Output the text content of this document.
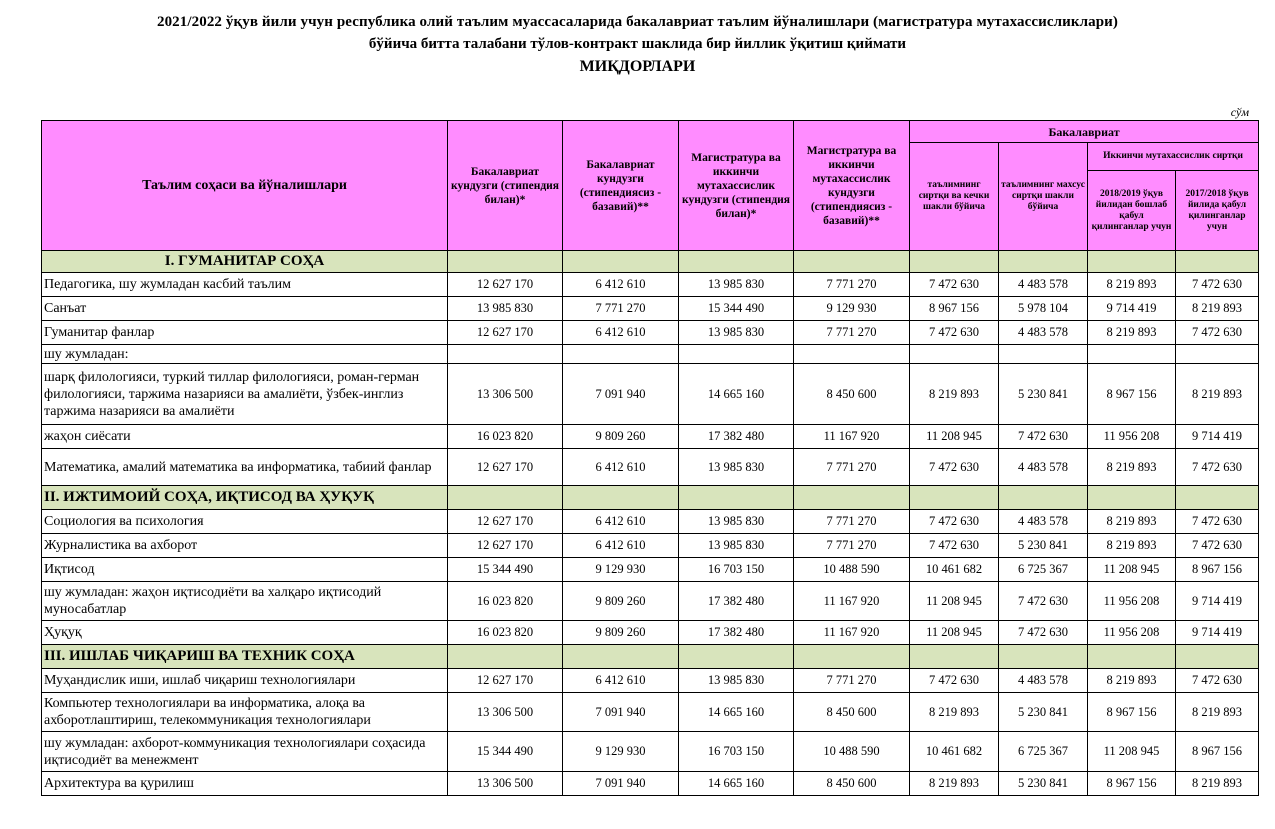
2021/2022 ўқув йили учун республика олий таълим муассасаларида бакалавриат таълим йўналишлари (магистратура мутахассисликлари)
бўйича битта талабани тўлов-контракт шаклида бир йиллик ўқитиш қиймати
МИҚДОРЛАРИ
сўм
Таълим соҳаси ва йўналишлари	Бакалавриат кундузги (стипендия билан)*	Бакалавриат кундузги (стипендиясиз - базавий)**	Магистратура ва иккинчи мутахассислик кундузги (стипендия билан)*	Магистратура ва иккинчи мутахассислик кундузги (стипендиясиз - базавий)**	Бакалавриат			
					таълимнинг сиртқи ва кечки шакли бўйича	таълимнинг махсус сиртқи шакли бўйича	Иккинчи мутахассислик сиртқи	
							2018/2019 ўқув йилидан бошлаб қабул қилинганлар учун	2017/2018 ўқув йилида қабул қилинганлар учун

I. ГУМАНИТАР СОҲА								
Педагогика, шу жумладан касбий таълим	12 627 170	6 412 610	13 985 830	7 771 270	7 472 630	4 483 578	8 219 893	7 472 630
Санъат	13 985 830	7 771 270	15 344 490	9 129 930	8 967 156	5 978 104	9 714 419	8 219 893
Гуманитар фанлар	12 627 170	6 412 610	13 985 830	7 771 270	7 472 630	4 483 578	8 219 893	7 472 630
шу жумладан:								
шарқ филологияси, туркий тиллар филологияси, роман-герман филологияси, таржима назарияси ва амалиёти, ўзбек-инглиз таржима назарияси ва амалиёти	13 306 500	7 091 940	14 665 160	8 450 600	8 219 893	5 230 841	8 967 156	8 219 893
жаҳон сиёсати	16 023 820	9 809 260	17 382 480	11 167 920	11 208 945	7 472 630	11 956 208	9 714 419
Математика, амалий математика ва информатика, табиий фанлар	12 627 170	6 412 610	13 985 830	7 771 270	7 472 630	4 483 578	8 219 893	7 472 630
II. ИЖТИМОИЙ СОҲА, ИҚТИСОД ВА ҲУҚУҚ								
Социология ва психология	12 627 170	6 412 610	13 985 830	7 771 270	7 472 630	4 483 578	8 219 893	7 472 630
Журналистика ва ахборот	12 627 170	6 412 610	13 985 830	7 771 270	7 472 630	5 230 841	8 219 893	7 472 630
Иқтисод	15 344 490	9 129 930	16 703 150	10 488 590	10 461 682	6 725 367	11 208 945	8 967 156
шу жумладан: жаҳон иқтисодиёти ва халқаро иқтисодий муносабатлар	16 023 820	9 809 260	17 382 480	11 167 920	11 208 945	7 472 630	11 956 208	9 714 419
Ҳуқуқ	16 023 820	9 809 260	17 382 480	11 167 920	11 208 945	7 472 630	11 956 208	9 714 419
III. ИШЛАБ ЧИҚАРИШ ВА ТЕХНИК СОҲА								
Муҳандислик иши, ишлаб чиқариш технологиялари	12 627 170	6 412 610	13 985 830	7 771 270	7 472 630	4 483 578	8 219 893	7 472 630
Компьютер технологиялари ва информатика, алоқа ва ахборотлаштириш, телекоммуникация технологиялари	13 306 500	7 091 940	14 665 160	8 450 600	8 219 893	5 230 841	8 967 156	8 219 893
шу жумладан: ахборот-коммуникация технологиялари соҳасида иқтисодиёт ва менежмент	15 344 490	9 129 930	16 703 150	10 488 590	10 461 682	6 725 367	11 208 945	8 967 156
Архитектура ва қурилиш	13 306 500	7 091 940	14 665 160	8 450 600	8 219 893	5 230 841	8 967 156	8 219 893
